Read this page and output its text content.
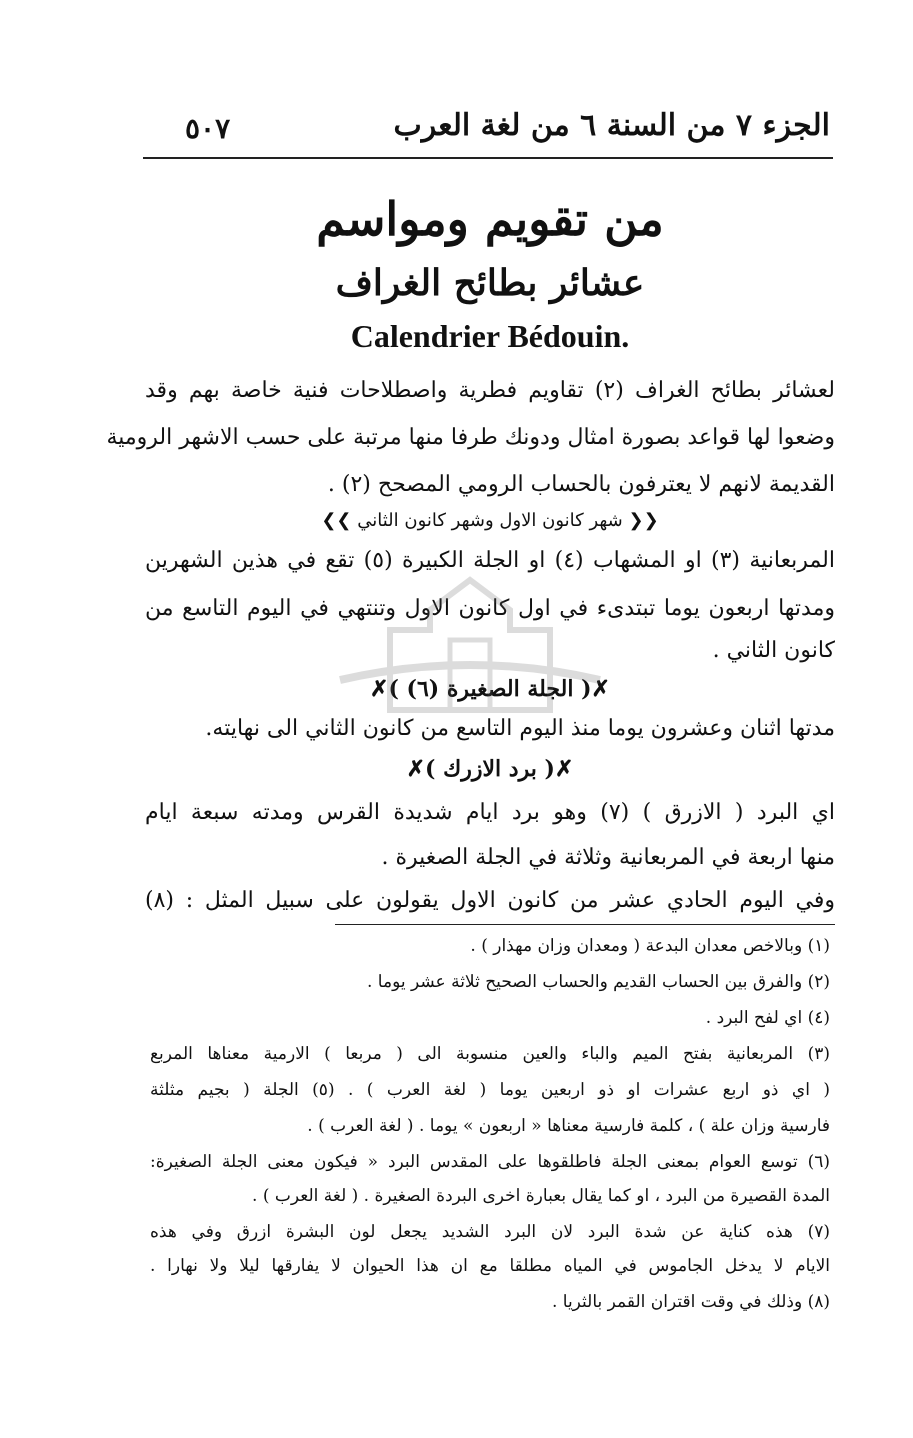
٥٠٧	الجزء ٧ من السنة ٦ من لغة العرب
من تقويم ومواسم
عشائر بطائح الغراف
Calendrier Bédouin.
لعشائر بطائح الغراف (٢) تقاويم فطرية واصطلاحات فنية خاصة بهم وقد
وضعوا لها قواعد بصورة امثال ودونك طرفا منها مرتبة على حسب الاشهر الرومية
القديمة لانهم لا يعترفون بالحساب الرومي المصحح (٢) .
❮❮ شهر كانون الاول وشهر كانون الثاني ❯❯
المربعانية (٣) او المشهاب (٤) او الجلة الكبيرة (٥) تقع في هذين الشهرين
ومدتها اربعون يوما تبتدىء في اول كانون الاول وتنتهي في اليوم التاسع من
كانون الثاني .
✗( الجلة الصغيرة (٦) )✗
مدتها اثنان وعشرون يوما منذ اليوم التاسع من كانون الثاني الى نهايته.
✗( برد الازرك )✗
اي البرد ( الازرق ) (٧) وهو برد ايام شديدة القرس ومدته سبعة ايام
منها اربعة في المربعانية وثلاثة في الجلة الصغيرة .
وفي اليوم الحادي عشر من كانون الاول يقولون على سبيل المثل : (٨)
(١) وبالاخص معدان البدعة ( ومعدان وزان مهذار ) .
(٢) والفرق بين الحساب القديم والحساب الصحيح ثلاثة عشر يوما .
(٤) اي لفح البرد .
(٣) المربعانية بفتح الميم والباء والعين منسوبة الى ( مربعا ) الارمية معناها المربع
( اي ذو اربع عشرات او ذو اربعين يوما ( لغة العرب ) . (٥) الجلة ( بجيم مثلثة
فارسية وزان علة ) ، كلمة فارسية معناها « اربعون » يوما . ( لغة العرب ) .
(٦) توسع العوام بمعنى الجلة فاطلقوها على المقدس البرد « فيكون معنى الجلة الصغيرة:
المدة القصيرة من البرد ، او كما يقال بعبارة اخرى البردة الصغيرة . ( لغة العرب ) .
(٧) هذه كناية عن شدة البرد لان البرد الشديد يجعل لون البشرة ازرق وفي هذه
الايام لا يدخل الجاموس في المياه مطلقا مع ان هذا الحيوان لا يفارقها ليلا ولا نهارا .
(٨) وذلك في وقت اقتران القمر بالثريا .
